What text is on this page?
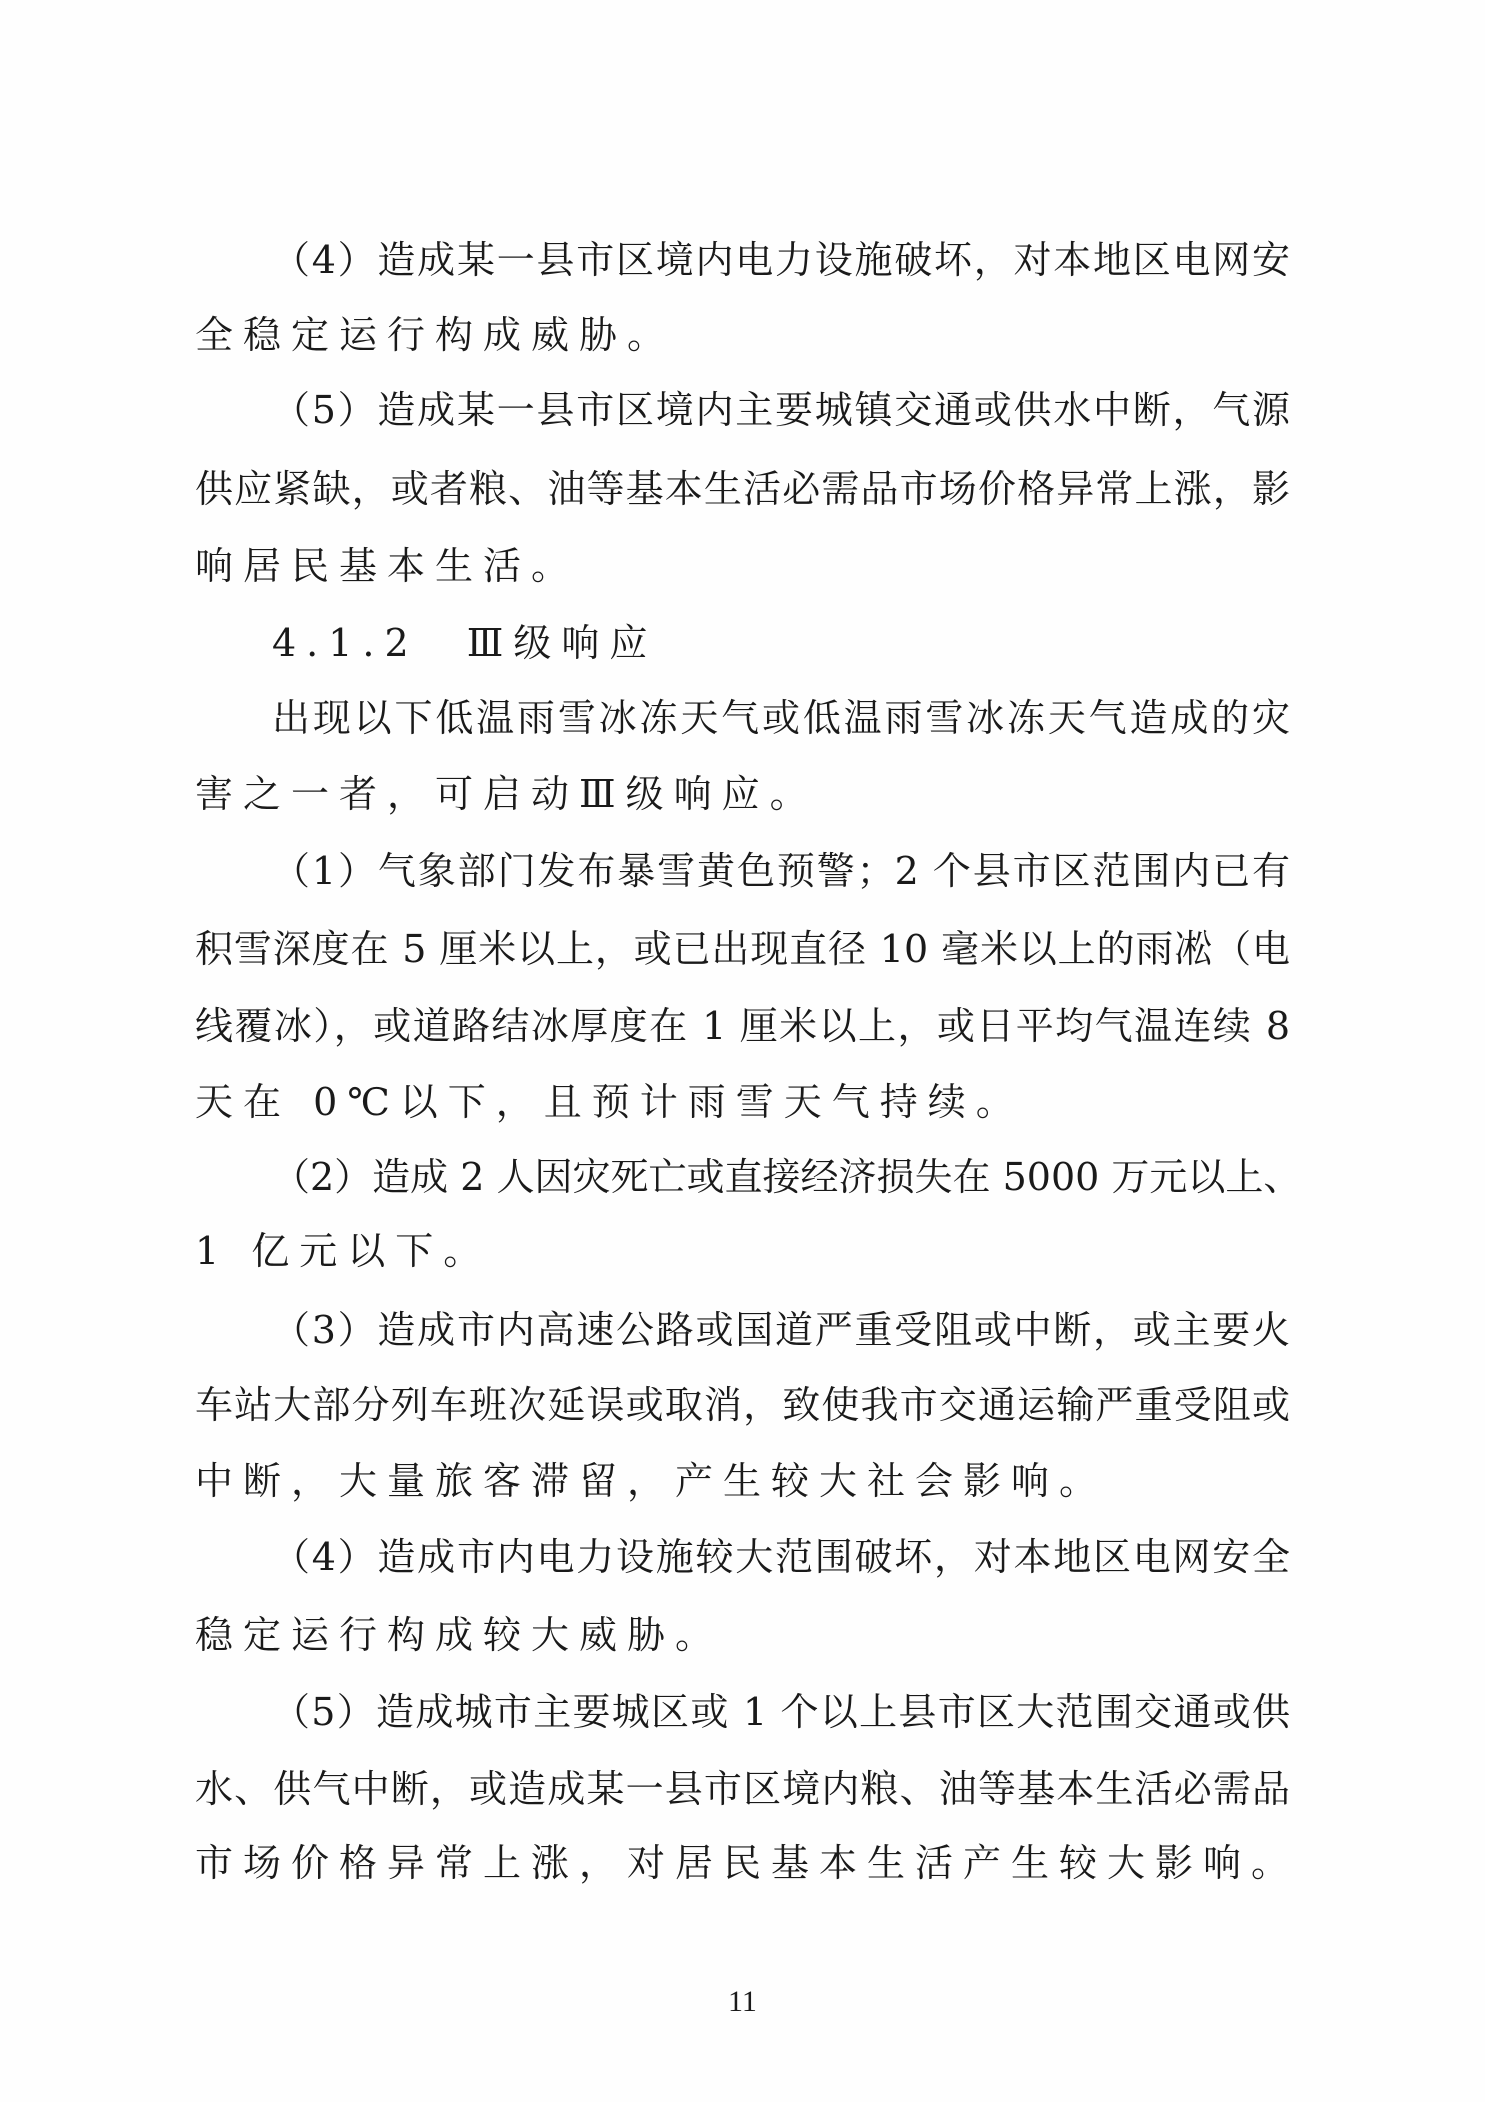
（4）造成某一县市区境内电力设施破坏，对本地区电网安
全稳定运行构成威胁。
（5）造成某一县市区境内主要城镇交通或供水中断，气源
供应紧缺，或者粮、油等基本生活必需品市场价格异常上涨，影
响居民基本生活。
4.1.2　Ⅲ级响应
出现以下低温雨雪冰冻天气或低温雨雪冰冻天气造成的灾
害之一者，可启动Ⅲ级响应。
（1）气象部门发布暴雪黄色预警；2 个县市区范围内已有
积雪深度在 5 厘米以上，或已出现直径 10 毫米以上的雨凇（电
线覆冰），或道路结冰厚度在 1 厘米以上，或日平均气温连续 8
天在 0℃以下，且预计雨雪天气持续。
（2）造成 2 人因灾死亡或直接经济损失在 5000 万元以上、
1 亿元以下。
（3）造成市内高速公路或国道严重受阻或中断，或主要火
车站大部分列车班次延误或取消，致使我市交通运输严重受阻或
中断，大量旅客滞留，产生较大社会影响。
（4）造成市内电力设施较大范围破坏，对本地区电网安全
稳定运行构成较大威胁。
（5）造成城市主要城区或 1 个以上县市区大范围交通或供
水、供气中断，或造成某一县市区境内粮、油等基本生活必需品
市场价格异常上涨，对居民基本生活产生较大影响。
11
